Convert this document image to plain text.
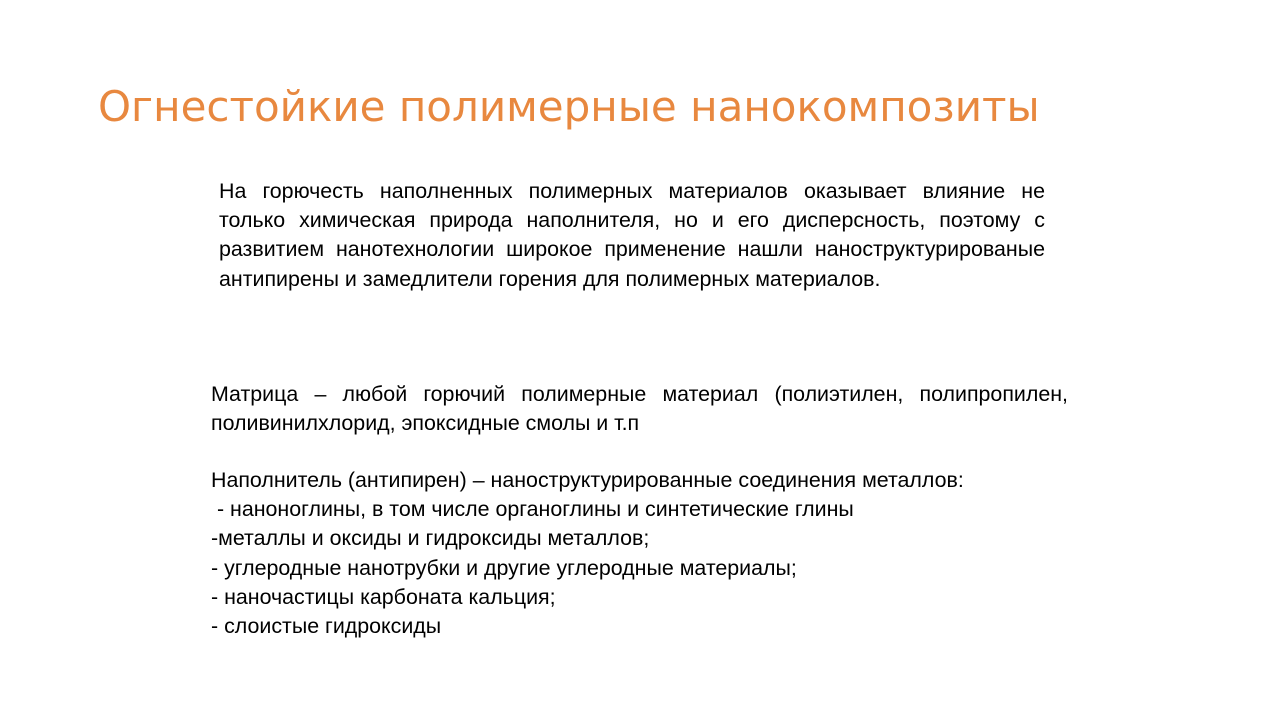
Огнестойкие полимерные нанокомпозиты
На горючесть наполненных полимерных материалов оказывает влияние не только химическая природа наполнителя, но и его дисперсность, поэтому с развитием нанотехнологии широкое применение нашли наноструктурированые антипирены и замедлители горения для полимерных материалов.
Матрица – любой горючий полимерные материал (полиэтилен, полипропилен, поливинилхлорид, эпоксидные смолы и т.п
Наполнитель (антипирен) – наноструктурированные соединения металлов:
- наноноглины, в том числе органоглины и синтетические глины
-металлы и оксиды и гидроксиды металлов;
- углеродные нанотрубки и другие углеродные материалы;
- наночастицы карбоната кальция;
- слоистые гидроксиды
